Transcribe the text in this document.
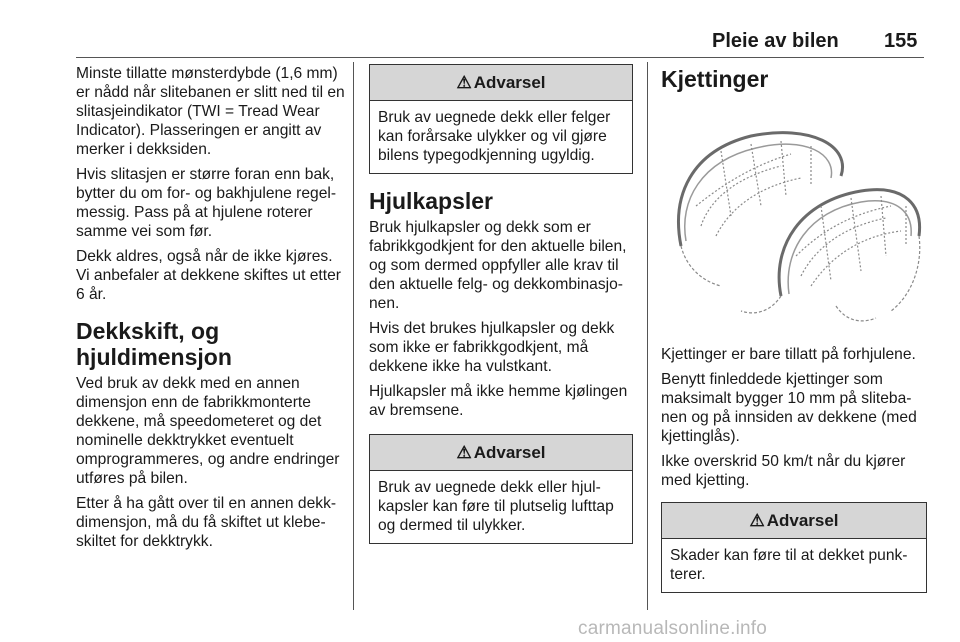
Pleie av bilen 155

Minste tillatte mønsterdybde (1,6 mm) er nådd når slitebanen er slitt ned til en slitasjeindikator (TWI = Tread Wear Indicator). Plasseringen er angitt av merker i dekksiden.

Hvis slitasjen er større foran enn bak, bytter du om for- og bakhjulene regelmessig. Pass på at hjulene roterer samme vei som før.

Dekk aldres, også når de ikke kjøres. Vi anbefaler at dekkene skiftes ut etter 6 år.

Dekkskift, og hjuldimensjon

Ved bruk av dekk med en annen dimensjon enn de fabrikkmonterte dekkene, må speedometeret og det nominelle dekktrykket eventuelt omprogrammeres, og andre endringer utføres på bilen.

Etter å ha gått over til en annen dekkdimensjon, må du få skiftet ut klebeskiltet for dekktrykk.

⚠ Advarsel
Bruk av uegnede dekk eller felger kan forårsake ulykker og vil gjøre bilens typegodkjenning ugyldig.
Hjulkapsler

Bruk hjulkapsler og dekk som er fabrikkgodkjent for den aktuelle bilen, og som dermed oppfyller alle krav til den aktuelle felg- og dekkombinasjonen.

Hvis det brukes hjulkapsler og dekk som ikke er fabrikkgodkjent, må dekkene ikke ha vulstkant.

Hjulkapsler må ikke hemme kjølingen av bremsene.

⚠ Advarsel
Bruk av uegnede dekk eller hjulkapsler kan føre til plutselig lufttap og dermed til ulykker.
Kjettinger

Kjettinger er bare tillatt på forhjulene.

Benytt finleddede kjettinger som maksimalt bygger 10 mm på slitebanen og på innsiden av dekkene (med kjettinglås).

Ikke overskrid 50 km/t når du kjører med kjetting.

⚠ Advarsel
Skader kan føre til at dekket punkterer.
carmanualsonline.info
